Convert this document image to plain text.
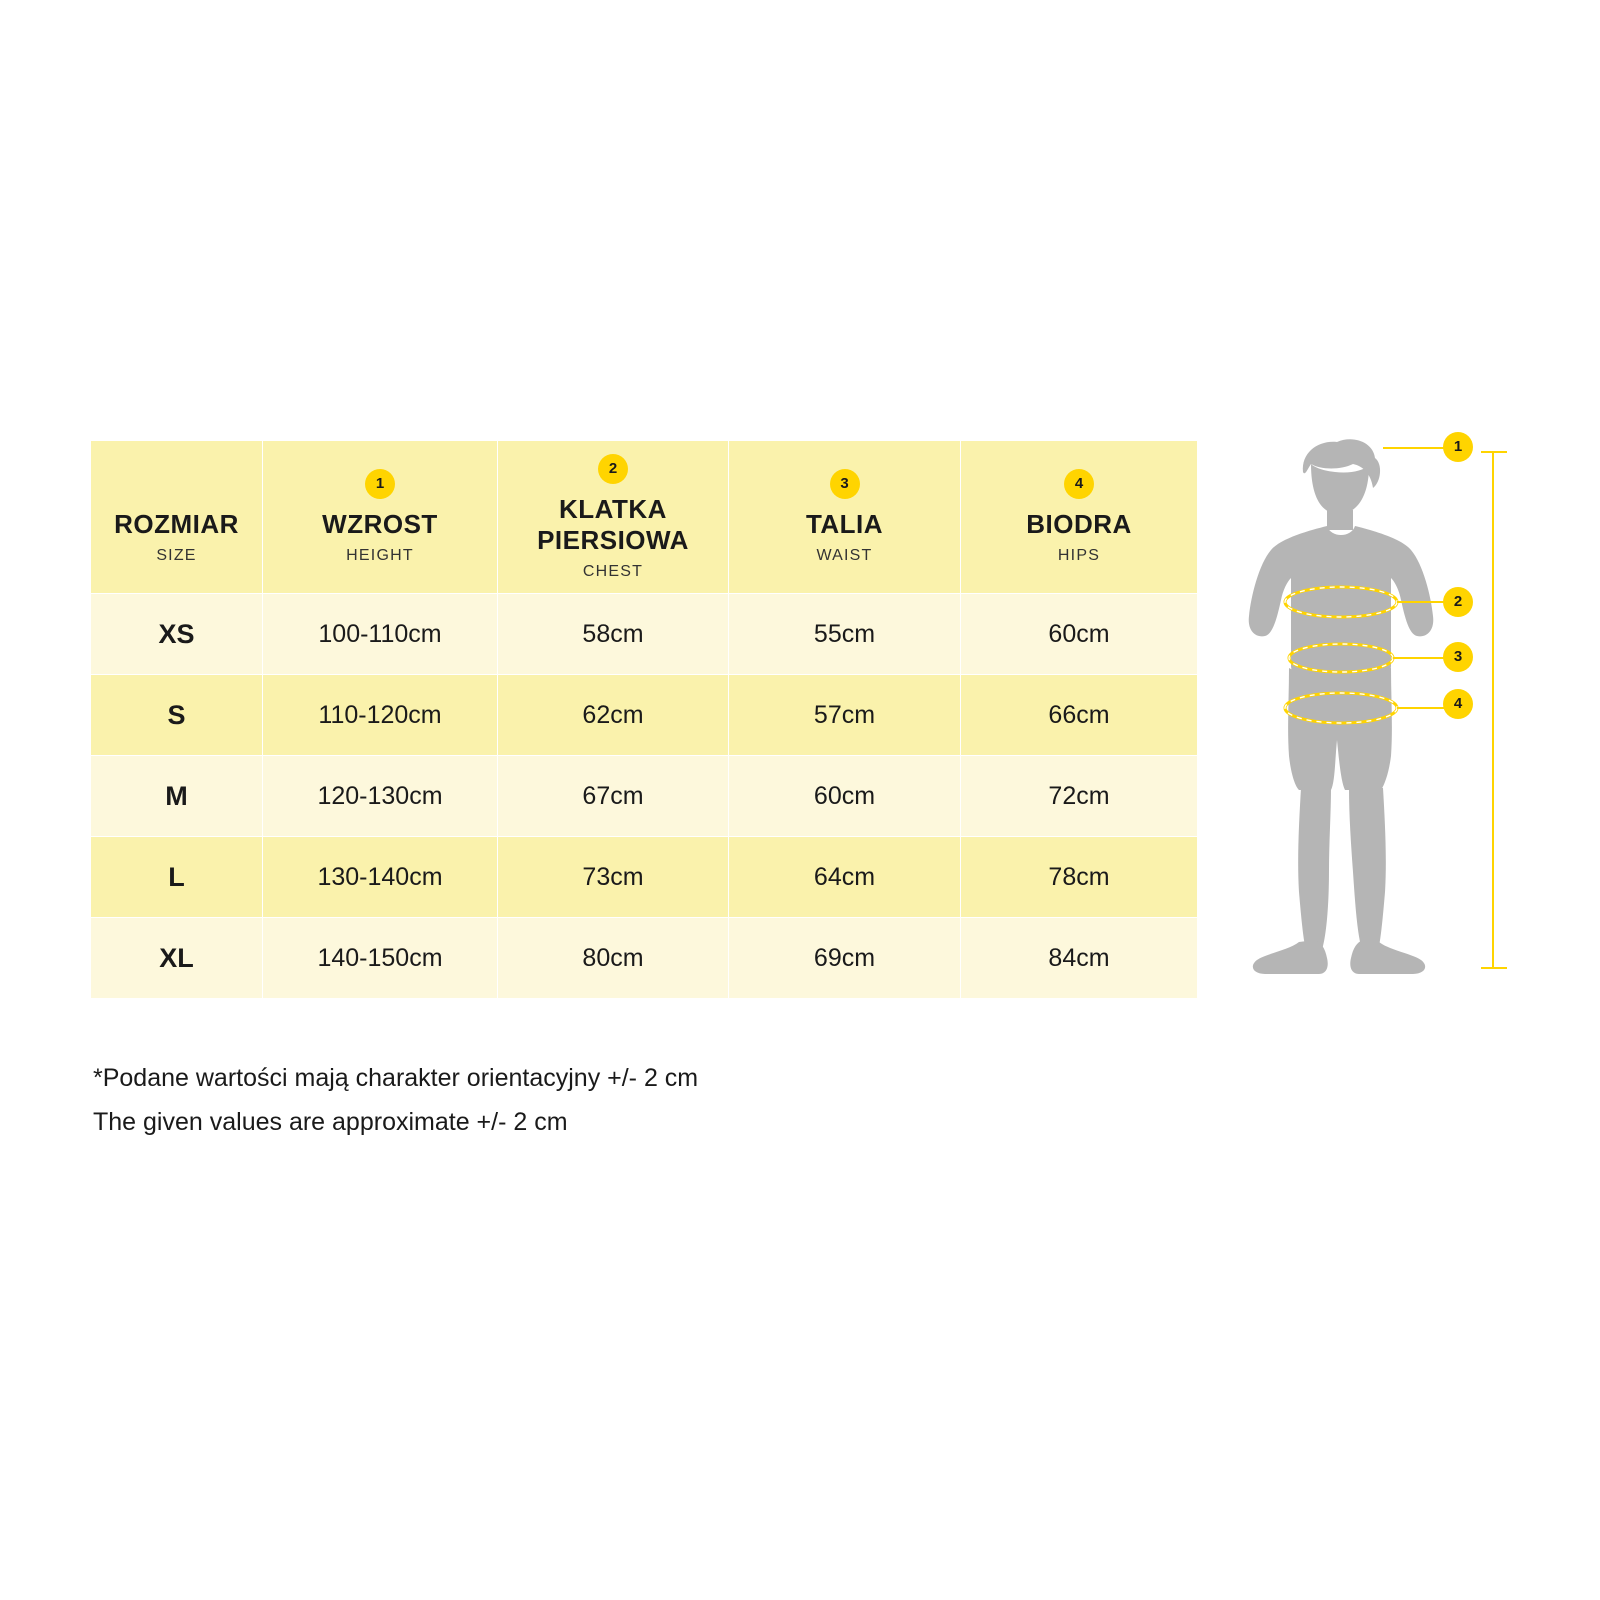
ROZMIAR
SIZE

1
WZROST
HEIGHT

2
KLATKA PIERSIOWA
CHEST

3
TALIA
WAIST

4
BIODRA
HIPS

XS	100-110cm	58cm	55cm	60cm
S	110-120cm	62cm	57cm	66cm
M	120-130cm	67cm	60cm	72cm
L	130-140cm	73cm	64cm	78cm
XL	140-150cm	80cm	69cm	84cm
*Podane wartości mają charakter orientacyjny +/- 2 cm
The given values are approximate +/- 2 cm
1
2
3
4
